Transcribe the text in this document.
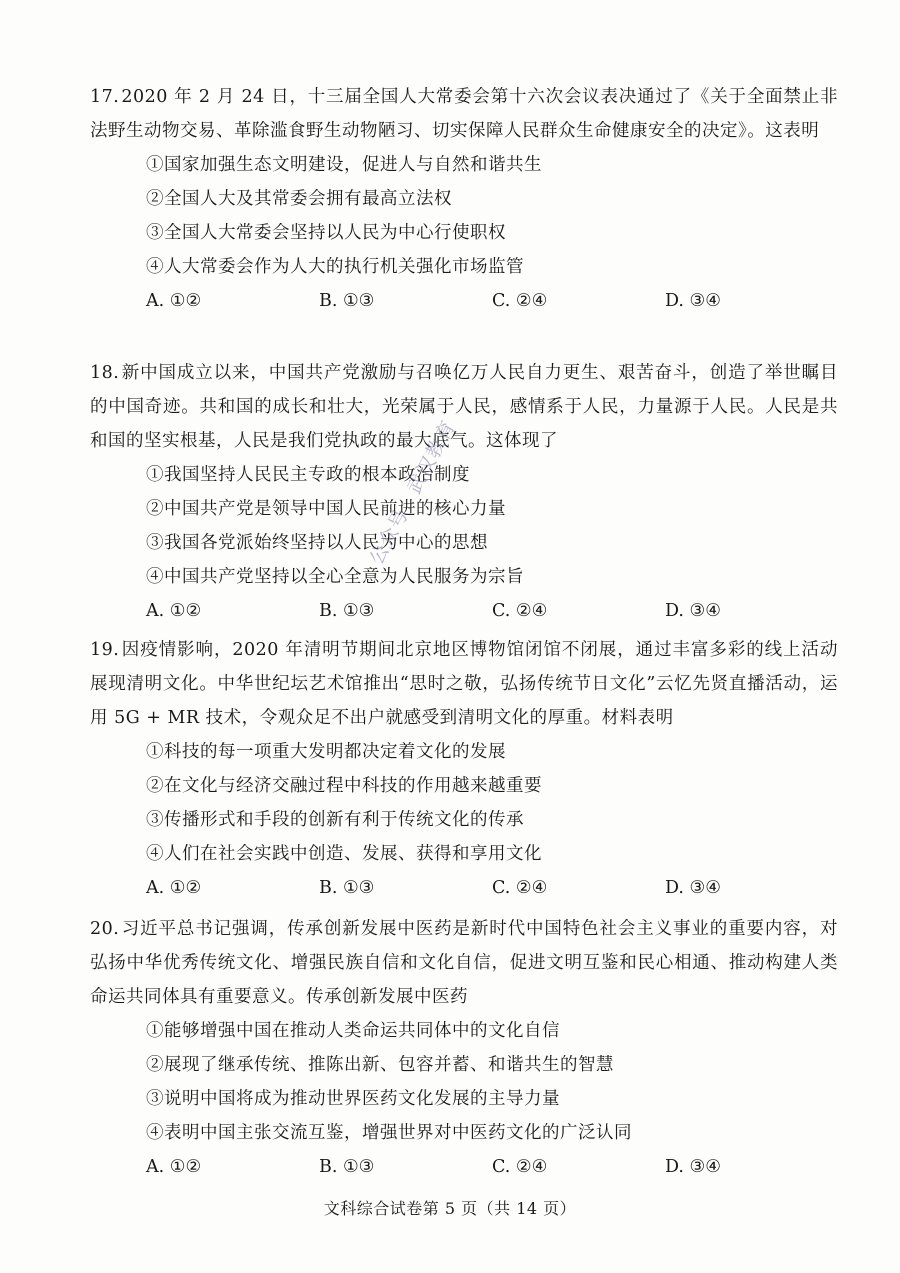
17. 2020 年 2 月 24 日，十三届全国人大常委会第十六次会议表决通过了《关于全面禁止非法野生动物交易、革除滥食野生动物陋习、切实保障人民群众生命健康安全的决定》。这表明

①国家加强生态文明建设，促进人与自然和谐共生

②全国人大及其常委会拥有最高立法权

③全国人大常委会坚持以人民为中心行使职权

④人大常委会作为人大的执行机关强化市场监管

A. ①②	B. ①③	C. ②④	D. ③④

18. 新中国成立以来，中国共产党激励与召唤亿万人民自力更生、艰苦奋斗，创造了举世瞩目的中国奇迹。共和国的成长和壮大，光荣属于人民，感情系于人民，力量源于人民。人民是共和国的坚实根基，人民是我们党执政的最大底气。这体现了

①我国坚持人民民主专政的根本政治制度

②中国共产党是领导中国人民前进的核心力量

③我国各党派始终坚持以人民为中心的思想

④中国共产党坚持以全心全意为人民服务为宗旨

A. ①②	B. ①③	C. ②④	D. ③④

19. 因疫情影响，2020 年清明节期间北京地区博物馆闭馆不闭展，通过丰富多彩的线上活动展现清明文化。中华世纪坛艺术馆推出“思时之敬，弘扬传统节日文化”云忆先贤直播活动，运用 5G + MR 技术，令观众足不出户就感受到清明文化的厚重。材料表明

①科技的每一项重大发明都决定着文化的发展

②在文化与经济交融过程中科技的作用越来越重要

③传播形式和手段的创新有利于传统文化的传承

④人们在社会实践中创造、发展、获得和享用文化

A. ①②	B. ①③	C. ②④	D. ③④

20. 习近平总书记强调，传承创新发展中医药是新时代中国特色社会主义事业的重要内容，对弘扬中华优秀传统文化、增强民族自信和文化自信，促进文明互鉴和民心相通、推动构建人类命运共同体具有重要意义。传承创新发展中医药

①能够增强中国在推动人类命运共同体中的文化自信

②展现了继承传统、推陈出新、包容并蓄、和谐共生的智慧

③说明中国将成为推动世界医药文化发展的主导力量

④表明中国主张交流互鉴，增强世界对中医药文化的广泛认同

A. ①②	B. ①③	C. ②④	D. ③④
公众号：武汉教育
文科综合试卷第 5 页（共 14 页）
